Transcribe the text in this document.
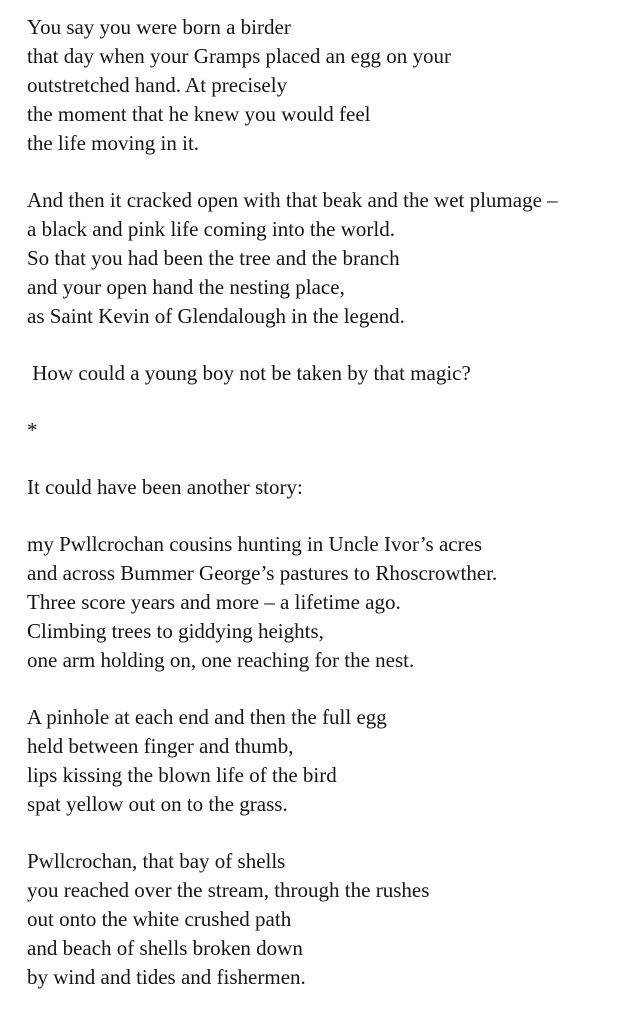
You say you were born a birder
that day when your Gramps placed an egg on your
outstretched hand. At precisely
the moment that he knew you would feel
the life moving in it.
And then it cracked open with that beak and the wet plumage –
a black and pink life coming into the world.
So that you had been the tree and the branch
and your open hand the nesting place,
as Saint Kevin of Glendalough in the legend.
How could a young boy not be taken by that magic?
*
It could have been another story:
my Pwllcrochan cousins hunting in Uncle Ivor’s acres
and across Bummer George’s pastures to Rhoscrowther.
Three score years and more – a lifetime ago.
Climbing trees to giddying heights,
one arm holding on, one reaching for the nest.
A pinhole at each end and then the full egg
held between finger and thumb,
lips kissing the blown life of the bird
spat yellow out on to the grass.
Pwllcrochan, that bay of shells
you reached over the stream, through the rushes
out onto the white crushed path
and beach of shells broken down
by wind and tides and fishermen.
